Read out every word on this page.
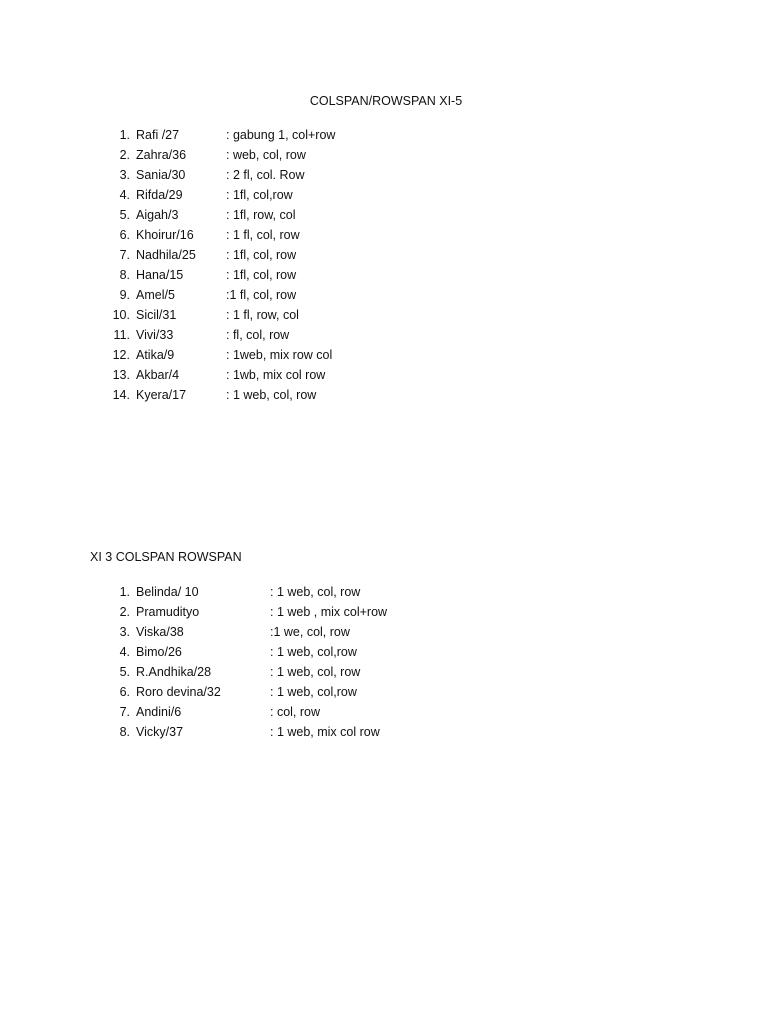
COLSPAN/ROWSPAN XI-5
1. Rafi /27	: gabung 1, col+row
2. Zahra/36	: web, col, row
3. Sania/30	: 2 fl, col. Row
4. Rifda/29	: 1fl, col,row
5. Aigah/3	: 1fl, row, col
6. Khoirur/16	: 1 fl, col, row
7. Nadhila/25 : 1fl, col, row
8. Hana/15	: 1fl, col, row
9. Amel/5	:1 fl, col, row
10. Sicil/31	: 1 fl, row, col
11. Vivi/33	: fl, col, row
12. Atika/9	: 1web, mix row col
13. Akbar/4	: 1wb, mix col row
14. Kyera/17	: 1 web, col, row
XI 3 COLSPAN ROWSPAN
1. Belinda/ 10	: 1 web, col, row
2. Pramudityo	: 1 web , mix col+row
3. Viska/38	:1 we, col, row
4. Bimo/26	: 1 web, col,row
5. R.Andhika/28	: 1 web, col, row
6. Roro devina/32	: 1 web, col,row
7. Andini/6	: col, row
8. Vicky/37	: 1 web, mix col row
